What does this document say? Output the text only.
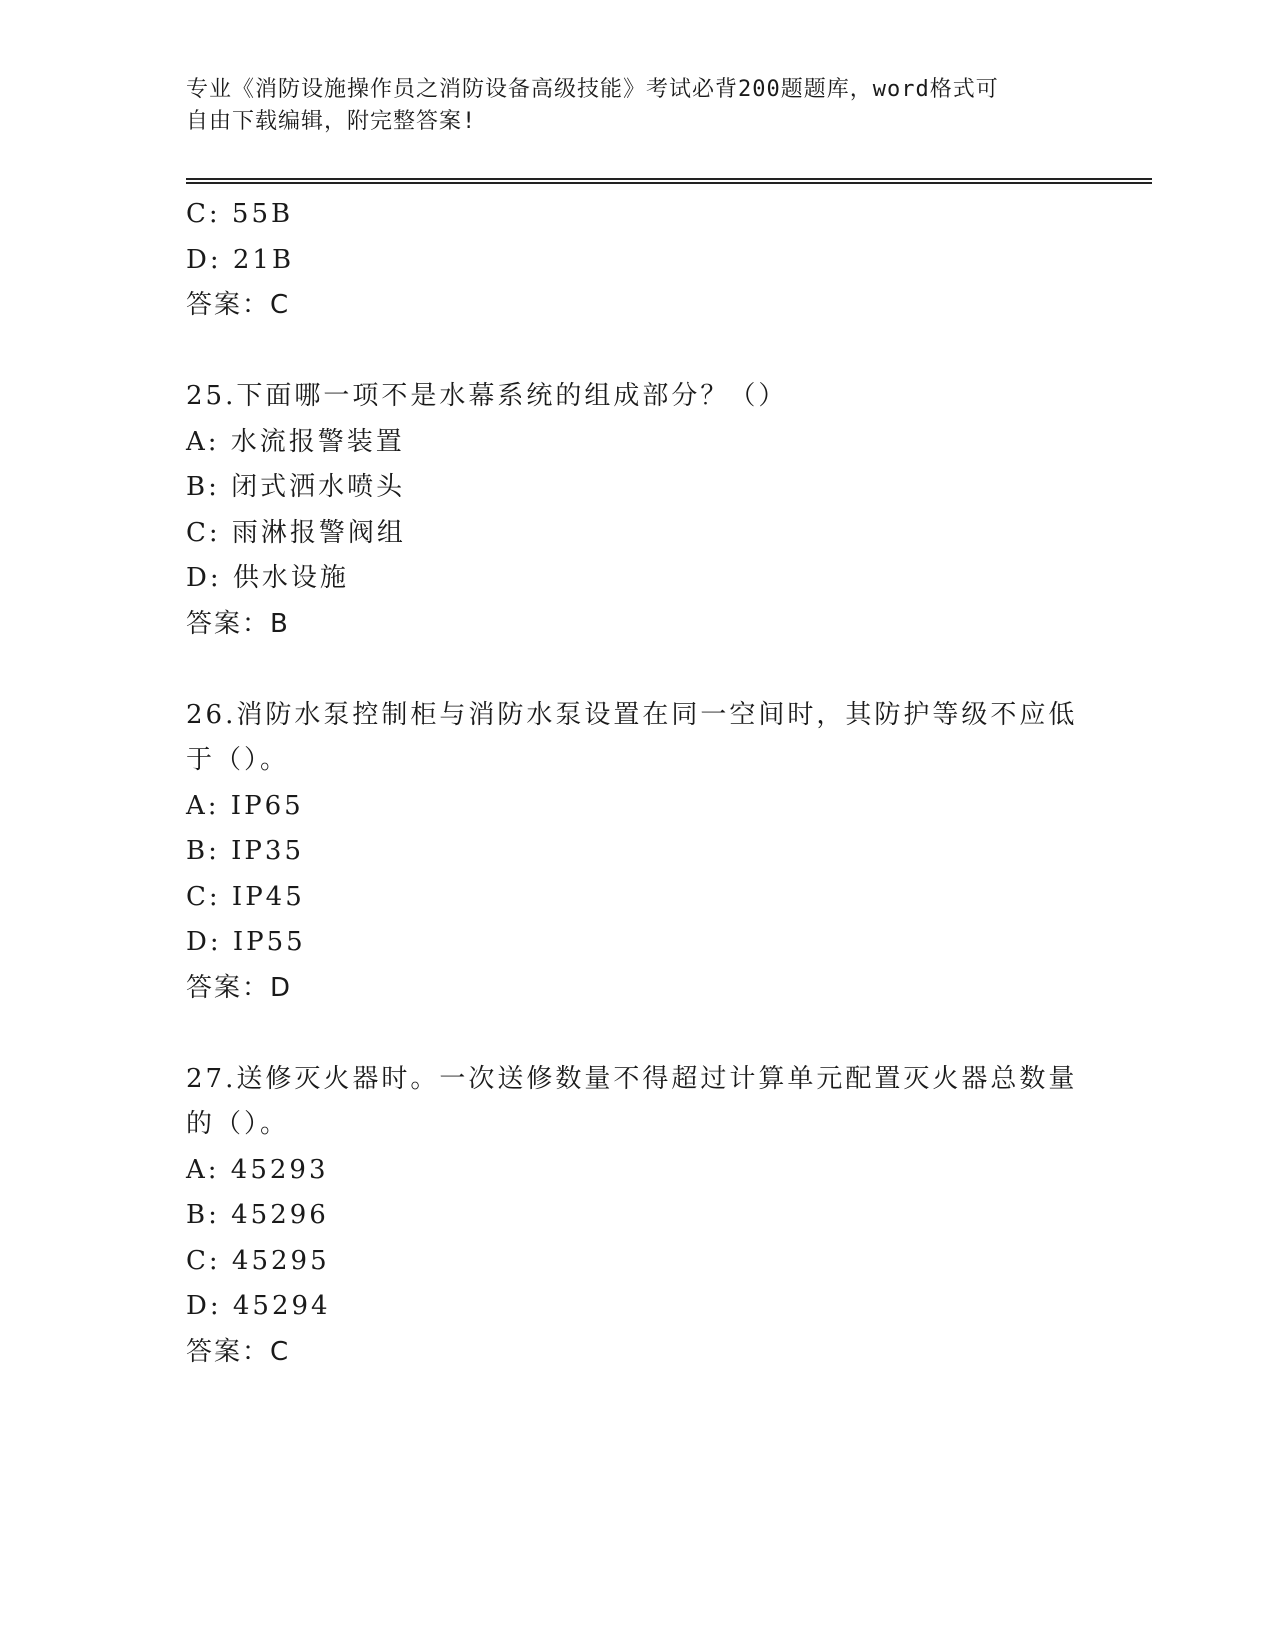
专业《消防设施操作员之消防设备高级技能》考试必背200题题库，word格式可
自由下载编辑，附完整答案!
C: 55B
D: 21B
答案：C
25.下面哪一项不是水幕系统的组成部分？（）
A: 水流报警装置
B: 闭式洒水喷头
C: 雨淋报警阀组
D: 供水设施
答案：B
26.消防水泵控制柜与消防水泵设置在同一空间时，其防护等级不应低于（）。
A: IP65
B: IP35
C: IP45
D: IP55
答案：D
27.送修灭火器时。一次送修数量不得超过计算单元配置灭火器总数量的（）。
A: 45293
B: 45296
C: 45295
D: 45294
答案：C
